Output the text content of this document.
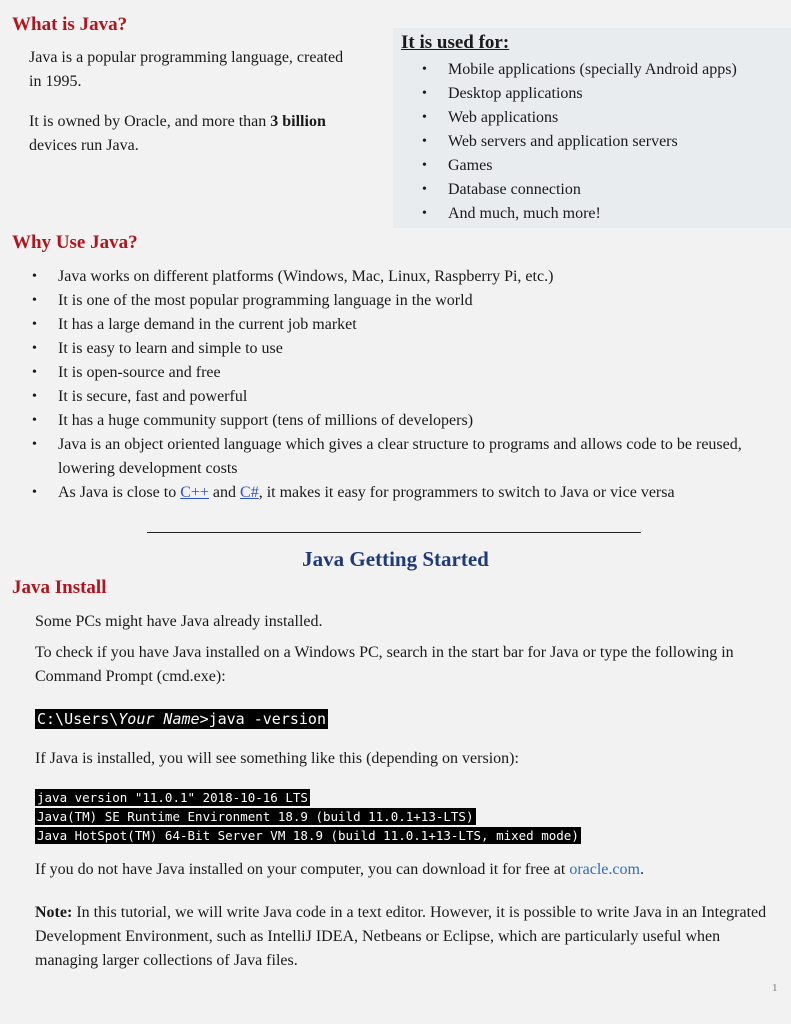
What is Java?

Java is a popular programming language, created in 1995.

It is owned by Oracle, and more than 3 billion devices run Java.

It is used for:
• Mobile applications (specially Android apps)
• Desktop applications
• Web applications
• Web servers and application servers
• Games
• Database connection
• And much, much more!
Why Use Java?
• Java works on different platforms (Windows, Mac, Linux, Raspberry Pi, etc.)
• It is one of the most popular programming language in the world
• It has a large demand in the current job market
• It is easy to learn and simple to use
• It is open-source and free
• It is secure, fast and powerful
• It has a huge community support (tens of millions of developers)
• Java is an object oriented language which gives a clear structure to programs and allows code to be reused, lowering development costs
• As Java is close to C++ and C#, it makes it easy for programmers to switch to Java or vice versa
Java Getting Started
Java Install

Some PCs might have Java already installed.

To check if you have Java installed on a Windows PC, search in the start bar for Java or type the following in Command Prompt (cmd.exe):

C:\Users\Your Name>java -version

If Java is installed, you will see something like this (depending on version):

java version "11.0.1" 2018-10-16 LTS
Java(TM) SE Runtime Environment 18.9 (build 11.0.1+13-LTS)
Java HotSpot(TM) 64-Bit Server VM 18.9 (build 11.0.1+13-LTS, mixed mode)

If you do not have Java installed on your computer, you can download it for free at oracle.com.

Note: In this tutorial, we will write Java code in a text editor. However, it is possible to write Java in an Integrated Development Environment, such as IntelliJ IDEA, Netbeans or Eclipse, which are particularly useful when managing larger collections of Java files.

1
